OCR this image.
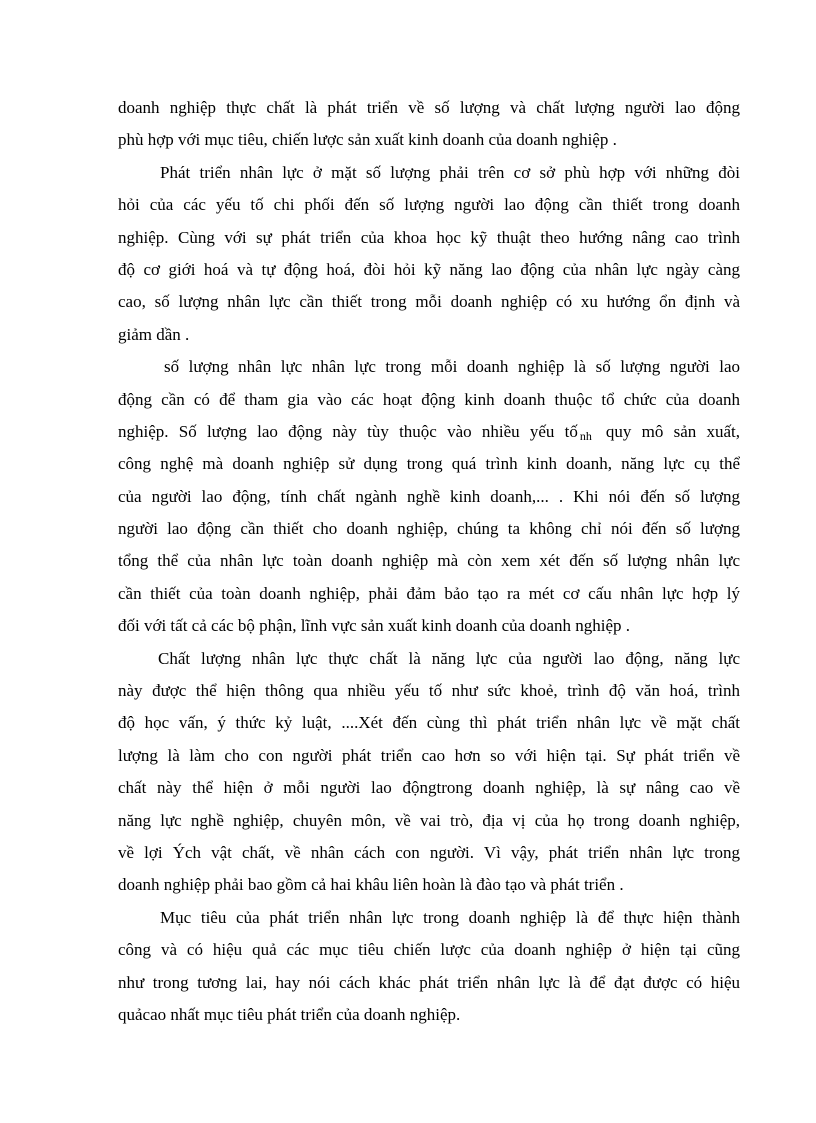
doanh nghiệp thực chất là phát triển về số lượng và chất lượng người lao động
phù hợp với mục tiêu, chiến lược sản xuất kinh doanh của doanh nghiệp .
Phát triển nhân lực ở mặt số lượng phải trên cơ sở phù hợp với những đòi
hỏi của các yếu tố chi phối đến số lượng người lao động cần thiết trong doanh
nghiệp. Cùng với sự phát triển của khoa học kỹ thuật theo hướng nâng cao trình
độ cơ giới hoá và tự động hoá, đòi hỏi kỹ năng lao động của nhân lực ngày càng
cao, số lượng nhân lực cần thiết trong mỗi doanh nghiệp có xu hướng ổn định và
giảm dần .
số lượng nhân lực nhân lực trong mỗi doanh nghiệp là số lượng người lao
động cần có để tham gia vào các hoạt động kinh doanh thuộc tổ chức của doanh
nghiệp. Số lượng lao động này tùy thuộc vào nhiều yếu tố $_{nh}$ quy mô sản xuất,
công nghệ mà doanh nghiệp sử dụng trong quá trình kinh doanh, năng lực cụ thể
của người lao động, tính chất ngành nghề kinh doanh,... . Khi nói đến số lượng
người lao động cần thiết cho doanh nghiệp, chúng ta không chỉ nói đến số lượng
tổng thể của nhân lực toàn doanh nghiệp mà còn xem xét đến số lượng nhân lực
cần thiết của toàn doanh nghiệp, phải đảm bảo tạo ra mét cơ cấu nhân lực hợp lý
đối với tất cả các bộ phận, lĩnh vực sản xuất kinh doanh của doanh nghiệp .
Chất lượng nhân lực thực chất là năng lực của người lao động, năng lực
này được thể hiện thông qua nhiều yếu tố như sức khoẻ, trình độ văn hoá, trình
độ học vấn, ý thức kỷ luật, ....Xét đến cùng thì phát triển nhân lực về mặt chất
lượng là làm cho con người phát triển cao hơn so với hiện tại. Sự phát triển về
chất này thể hiện ở mỗi người lao độngtrong doanh nghiệp, là sự nâng cao về
năng lực nghề nghiệp, chuyên môn, về vai trò, địa vị của họ trong doanh nghiệp,
về lợi Ých vật chất, về nhân cách con người. Vì vậy, phát triển nhân lực trong
doanh nghiệp phải bao gồm cả hai khâu liên hoàn là đào tạo và phát triển .
Mục tiêu của phát triển nhân lực trong doanh nghiệp là để thực hiện thành
công và có hiệu quả các mục tiêu chiến lược của doanh nghiệp ở hiện tại cũng
như trong tương lai, hay nói cách khác phát triển nhân lực là để đạt được có hiệu
quảcao nhất mục tiêu phát triển của doanh nghiệp.
